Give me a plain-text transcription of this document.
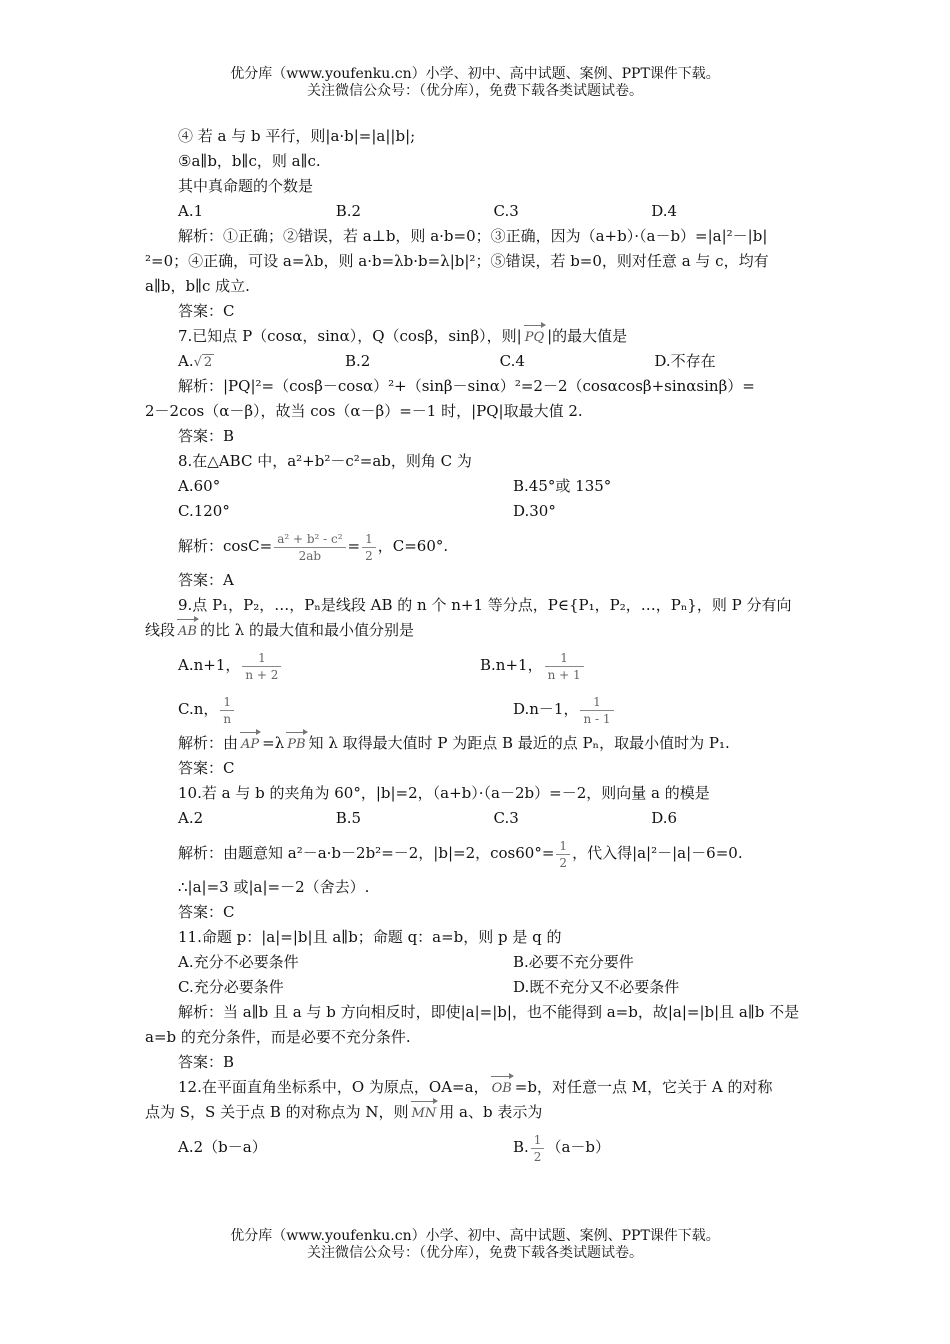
优分库（www.youfenku.cn）小学、初中、高中试题、案例、PPT课件下载。
关注微信公众号：（优分库），免费下载各类试题试卷。
④ 若 a 与 b 平行，则|a·b|=|a||b|;
⑤a∥b，b∥c，则 a∥c.
其中真命题的个数是
A.1	B.2	C.3	D.4
解析：①正确；②错误，若 a⊥b，则 a·b=0；③正确，因为（a+b）·（a－b）=|a|²－|b|
²=0；④正确，可设 a=λb，则 a·b=λb·b=λ|b|²；⑤错误，若 b=0，则对任意 a 与 c，均有
a∥b，b∥c 成立.
答案：C
7.已知点 P（cosα，sinα），Q（cosβ，sinβ），则| PQ |的最大值是
A.√ 2	B.2	C.4	D.不存在
解析：|PQ|²=（cosβ－cosα）²+（sinβ－sinα）²=2－2（cosαcosβ+sinαsinβ）=
2－2cos（α－β），故当 cos（α－β）=－1 时，|PQ|取最大值 2.
答案：B
8.在△ABC 中，a²+b²－c²=ab，则角 C 为
A.60°	B.45°或 135°
C.120°	D.30°
解析：$\cos C= \frac{\text{a² + b² - c²}}{2ab} = \frac{1}{2}$ ，C=60°.
答案：A
9.点 P₁，P₂，…，Pₙ是线段 AB 的 n 个 n+1 等分点，P∈{P₁，P₂，…，Pₙ}，则 P 分有向
线段 AB 的比 λ 的最大值和最小值分别是
A.n+1， $\frac{1}{n + 2}$	B.n+1， $\frac{1}{n + 1}$
C.n， $\frac{1}{n}$	D.n－1， $\frac{1}{n - 1}$
解析：由 AP =λ PB 知 λ 取得最大值时 P 为距点 B 最近的点 Pₙ，取最小值时为 P₁.
答案：C
10.若 a 与 b 的夹角为 60°，|b|=2，（a+b）·（a－2b）=－2，则向量 a 的模是
A.2	B.5	C.3	D.6
解析：由题意知 a²－a·b－2b²=－2，|b|=2，$\cos 60^\circ= \frac{1}{2}$ ，代入得|a|²－|a|－6=0.
∴|a|=3 或|a|=－2（舍去）.
答案：C
11.命题 p：|a|=|b|且 a∥b；命题 q：a=b，则 p 是 q 的
A.充分不必要条件	B.必要不充分要件
C.充分必要条件	D.既不充分又不必要条件
解析：当 a∥b 且 a 与 b 方向相反时，即使|a|=|b|，也不能得到 a=b，故|a|=|b|且 a∥b 不是
a=b 的充分条件，而是必要不充分条件.
答案：B
12.在平面直角坐标系中，O 为原点，OA=a， OB =b，对任意一点 M，它关于 A 的对称
点为 S，S 关于点 B 的对称点为 N，则 MN 用 a、b 表示为
A.2（b－a）	B. $\frac{1}{2} (a-b)$
优分库（www.youfenku.cn）小学、初中、高中试题、案例、PPT课件下载。
关注微信公众号：（优分库），免费下载各类试题试卷。
